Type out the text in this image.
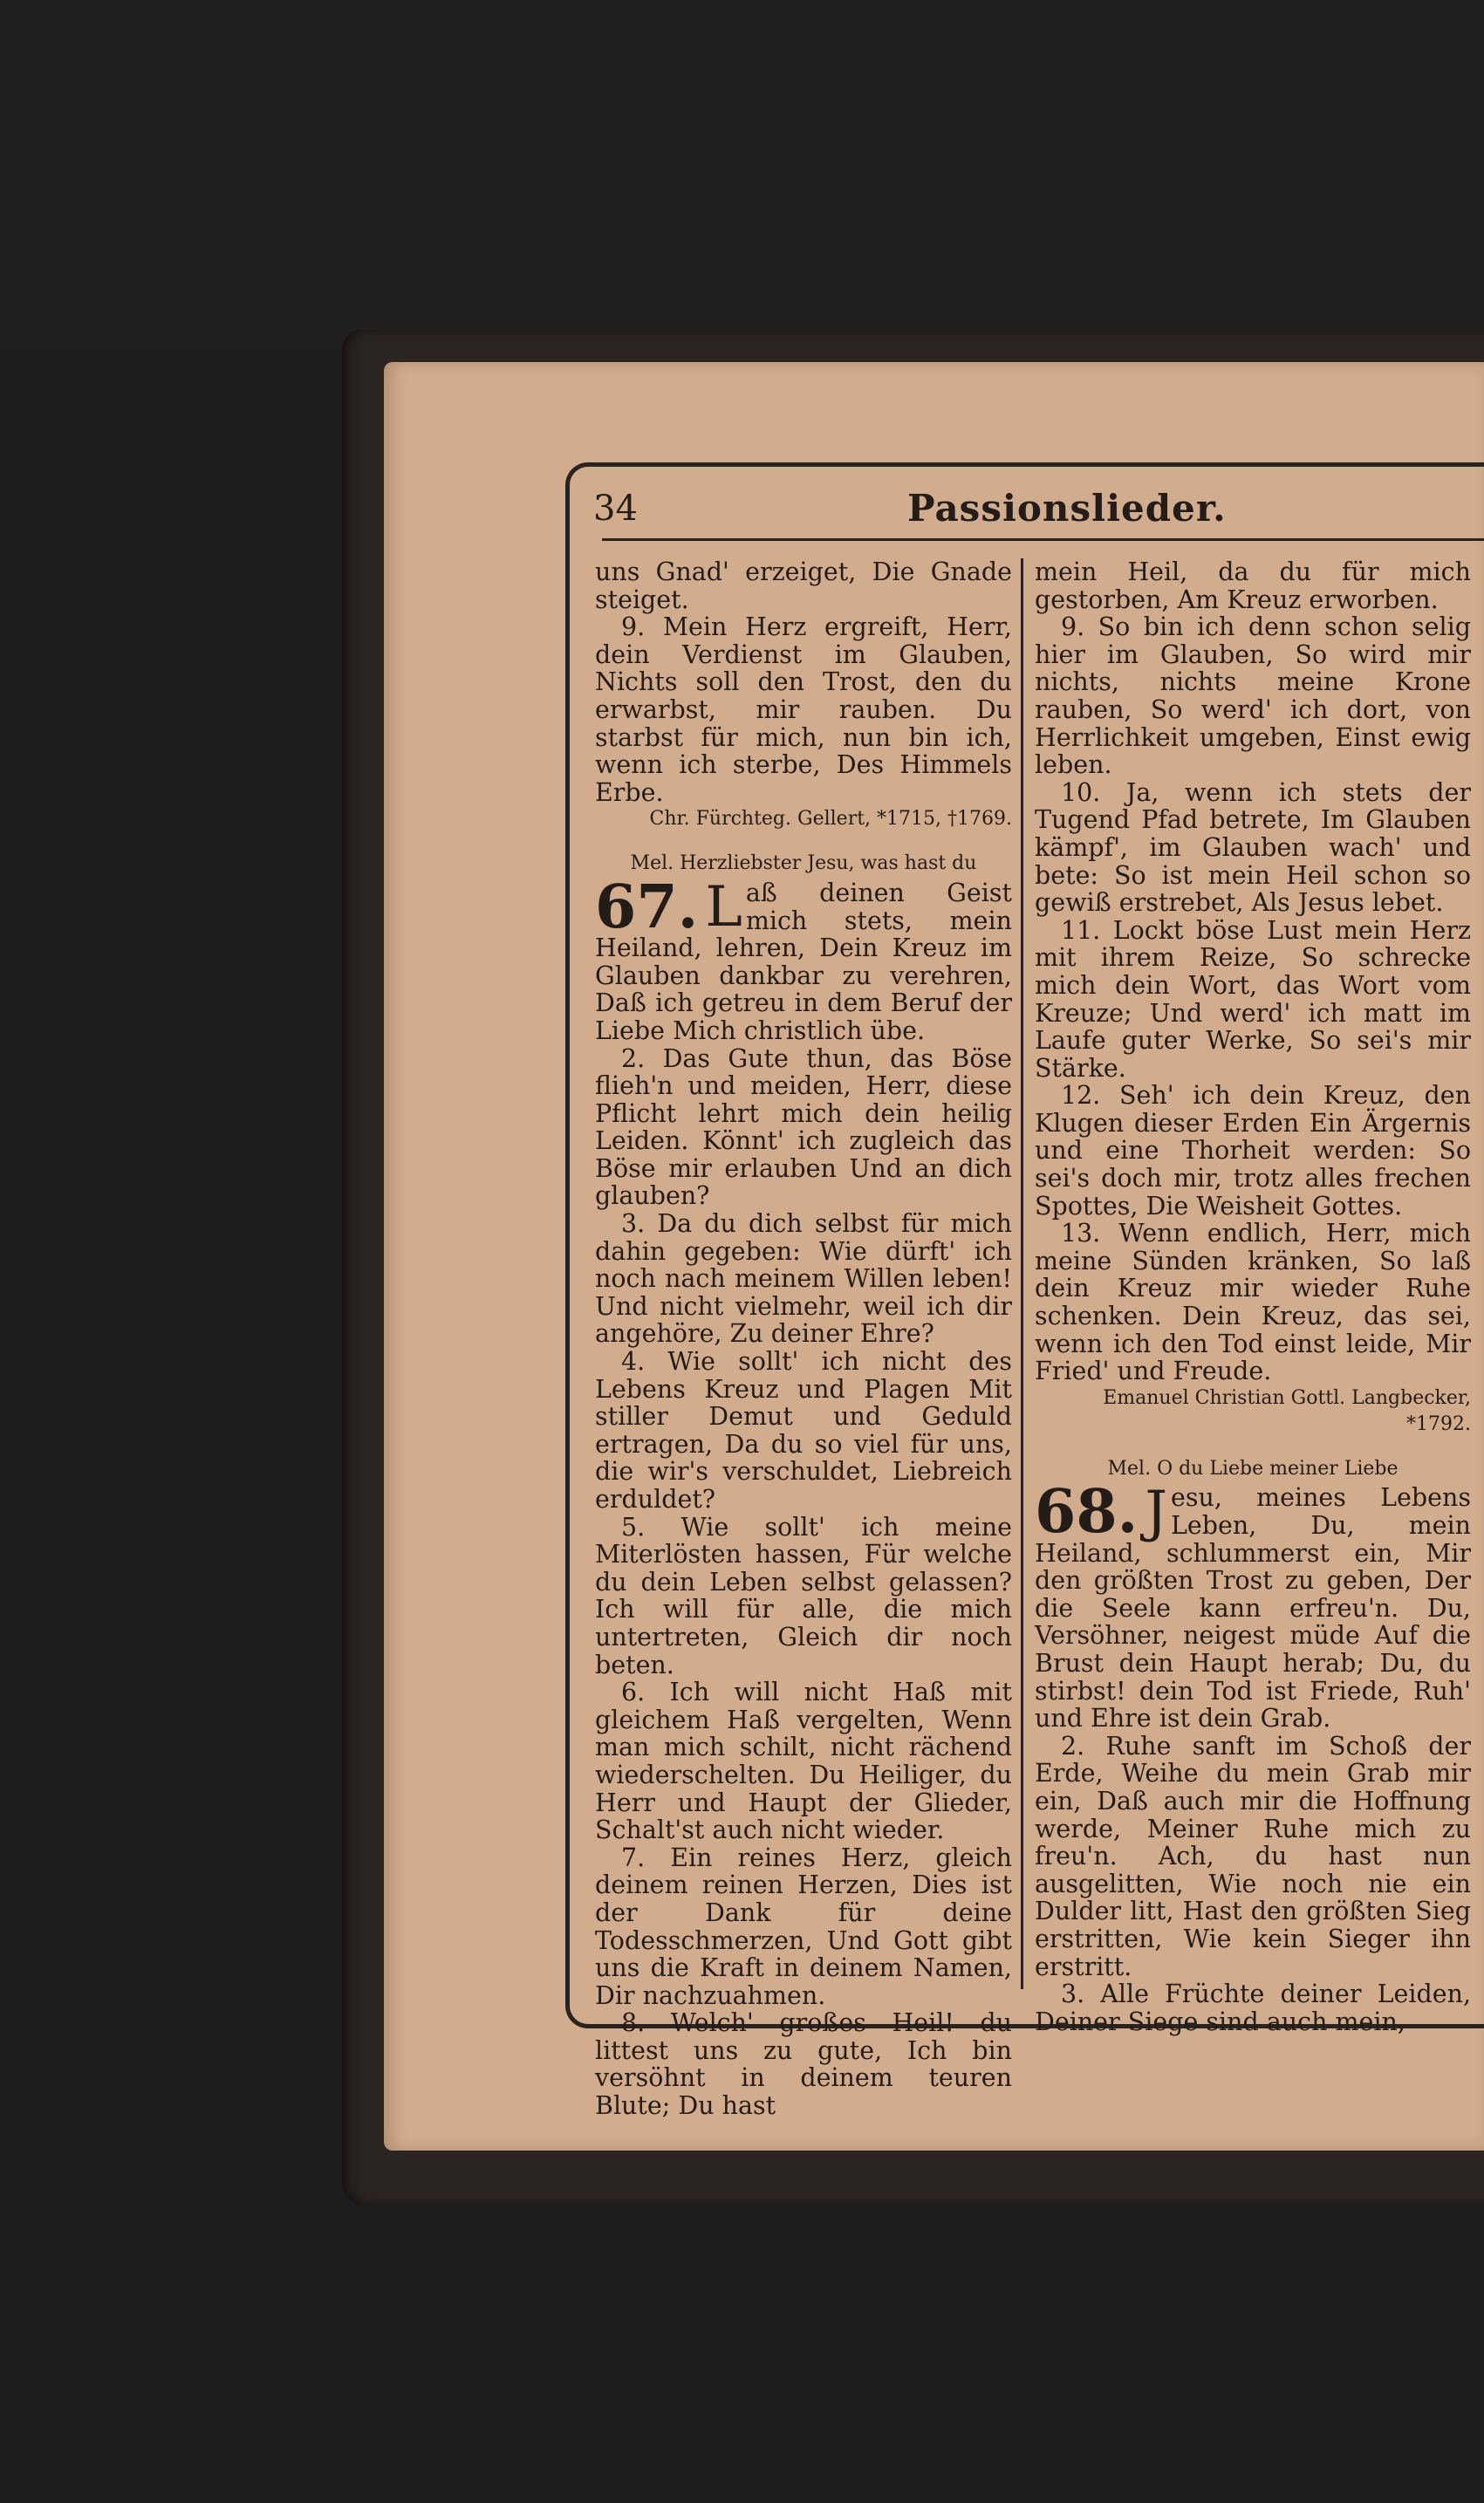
34	Passionslieder.

uns Gnad' erzeiget, Die Gnade steiget.

9. Mein Herz ergreift, Herr, dein Verdienst im Glauben, Nichts soll den Trost, den du erwarbst, mir rauben. Du starbst für mich, nun bin ich, wenn ich sterbe, Des Himmels Erbe.

Chr. Fürchteg. Gellert, *1715, †1769.

Mel. Herzliebster Jesu, was hast du

67. L aß deinen Geist mich stets, mein Heiland, lehren, Dein Kreuz im Glauben dankbar zu verehren, Daß ich getreu in dem Beruf der Liebe Mich christlich übe.

2. Das Gute thun, das Böse flieh'n und meiden, Herr, diese Pflicht lehrt mich dein heilig Leiden. Könnt' ich zugleich das Böse mir erlauben Und an dich glauben?

3. Da du dich selbst für mich dahin gegeben: Wie dürft' ich noch nach meinem Willen leben! Und nicht vielmehr, weil ich dir angehöre, Zu deiner Ehre?

4. Wie sollt' ich nicht des Lebens Kreuz und Plagen Mit stiller Demut und Geduld ertragen, Da du so viel für uns, die wir's verschuldet, Liebreich erduldet?

5. Wie sollt' ich meine Miterlösten hassen, Für welche du dein Leben selbst gelassen? Ich will für alle, die mich untertreten, Gleich dir noch beten.

6. Ich will nicht Haß mit gleichem Haß vergelten, Wenn man mich schilt, nicht rächend wiederschelten. Du Heiliger, du Herr und Haupt der Glieder, Schalt'st auch nicht wieder.

7. Ein reines Herz, gleich deinem reinen Herzen, Dies ist der Dank für deine Todesschmerzen, Und Gott gibt uns die Kraft in deinem Namen, Dir nachzuahmen.

8. Welch' großes Heil! du littest uns zu gute, Ich bin versöhnt in deinem teuren Blute; Du hast

mein Heil, da du für mich gestorben, Am Kreuz erworben.

9. So bin ich denn schon selig hier im Glauben, So wird mir nichts, nichts meine Krone rauben, So werd' ich dort, von Herrlichkeit umgeben, Einst ewig leben.

10. Ja, wenn ich stets der Tugend Pfad betrete, Im Glauben kämpf', im Glauben wach' und bete: So ist mein Heil schon so gewiß erstrebet, Als Jesus lebet.

11. Lockt böse Lust mein Herz mit ihrem Reize, So schrecke mich dein Wort, das Wort vom Kreuze; Und werd' ich matt im Laufe guter Werke, So sei's mir Stärke.

12. Seh' ich dein Kreuz, den Klugen dieser Erden Ein Ärgernis und eine Thorheit werden: So sei's doch mir, trotz alles frechen Spottes, Die Weisheit Gottes.

13. Wenn endlich, Herr, mich meine Sünden kränken, So laß dein Kreuz mir wieder Ruhe schenken. Dein Kreuz, das sei, wenn ich den Tod einst leide, Mir Fried' und Freude.

Emanuel Christian Gottl. Langbecker, *1792.

Mel. O du Liebe meiner Liebe

68. J esu, meines Lebens Leben, Du, mein Heiland, schlummerst ein, Mir den größten Trost zu geben, Der die Seele kann erfreu'n. Du, Versöhner, neigest müde Auf die Brust dein Haupt herab; Du, du stirbst! dein Tod ist Friede, Ruh' und Ehre ist dein Grab.

2. Ruhe sanft im Schoß der Erde, Weihe du mein Grab mir ein, Daß auch mir die Hoffnung werde, Meiner Ruhe mich zu freu'n. Ach, du hast nun ausgelitten, Wie noch nie ein Dulder litt, Hast den größten Sieg erstritten, Wie kein Sieger ihn erstritt.

3. Alle Früchte deiner Leiden, Deiner Siege sind auch mein,
